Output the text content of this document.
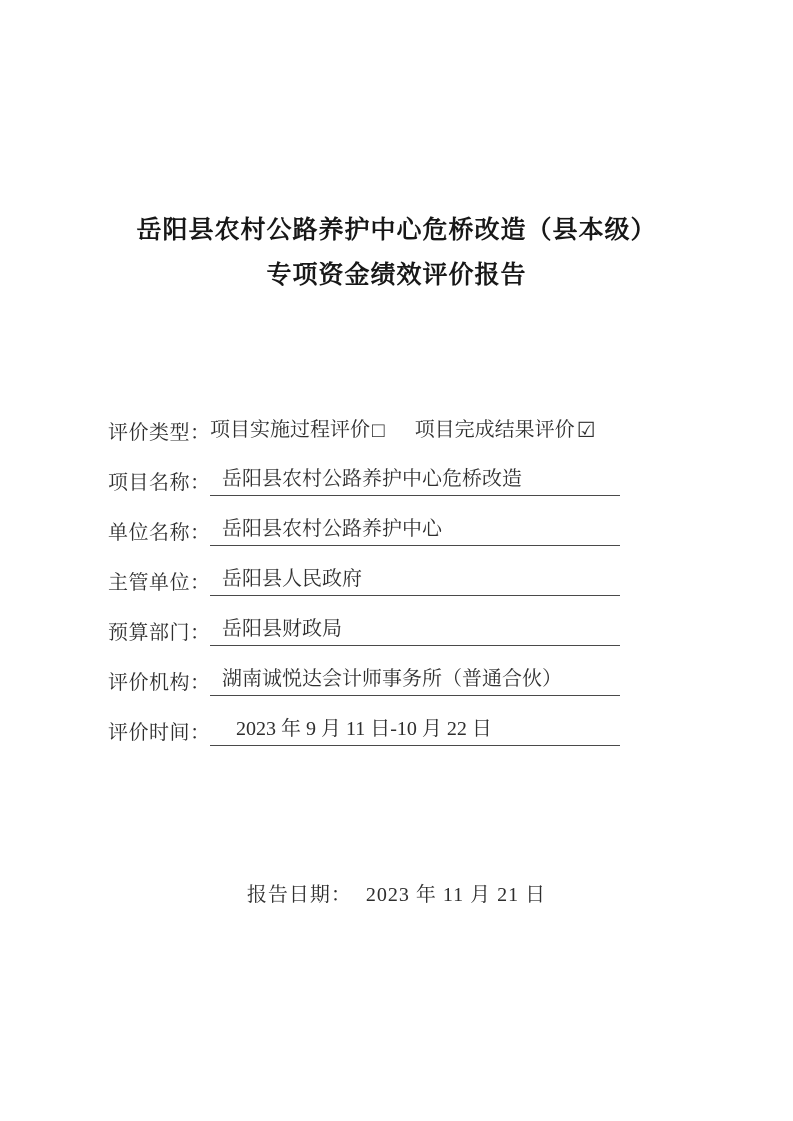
岳阳县农村公路养护中心危桥改造（县本级）
专项资金绩效评价报告
评价类型： 项目实施过程评价 □ 项目完成结果评价 ☑
项目名称： 岳阳县农村公路养护中心危桥改造
单位名称： 岳阳县农村公路养护中心
主管单位： 岳阳县人民政府
预算部门： 岳阳县财政局
评价机构： 湖南诚悦达会计师事务所（普通合伙）
评价时间：	2023 年 9 月 11 日-10 月 22 日
报告日期： 2023 年 11 月 21 日
